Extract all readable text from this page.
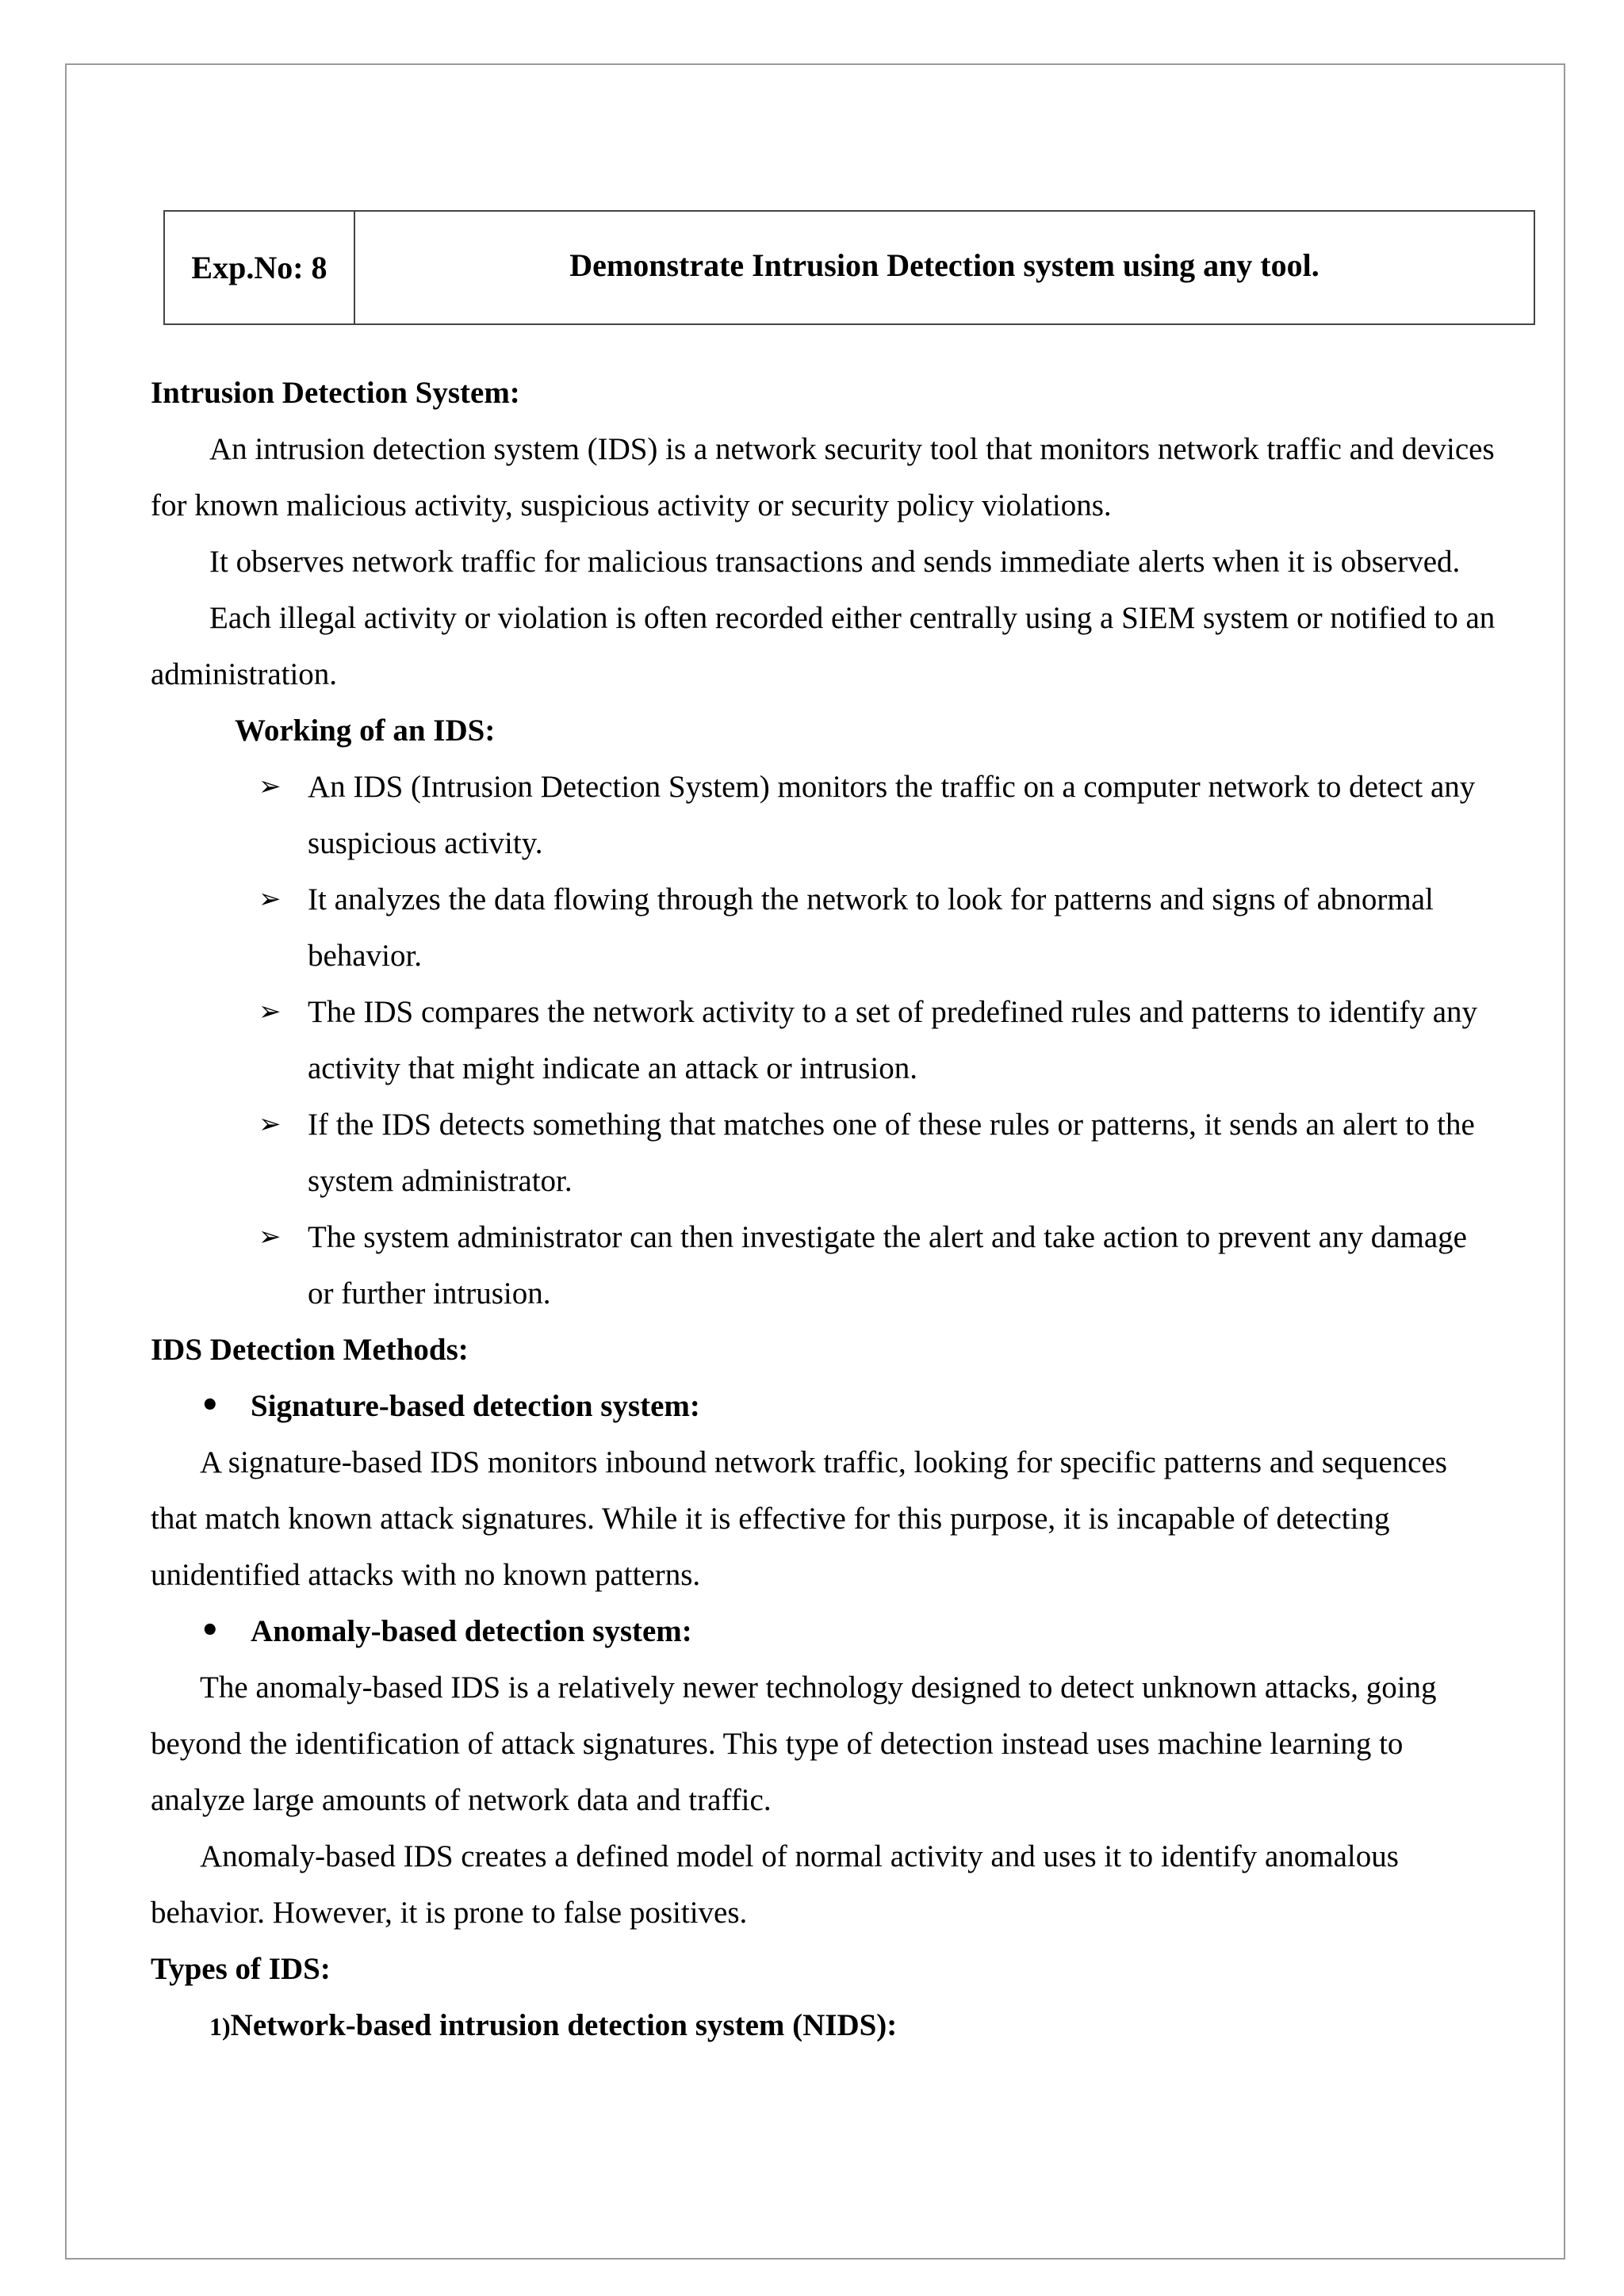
Exp.No: 8	Demonstrate Intrusion Detection system using any tool.

Intrusion Detection System:

An intrusion detection system (IDS) is a network security tool that monitors network traffic and devices for known malicious activity, suspicious activity or security policy violations.

It observes network traffic for malicious transactions and sends immediate alerts when it is observed.

Each illegal activity or violation is often recorded either centrally using a SIEM system or notified to an administration.

Working of an IDS:

➢ An IDS (Intrusion Detection System) monitors the traffic on a computer network to detect any suspicious activity.
➢ It analyzes the data flowing through the network to look for patterns and signs of abnormal behavior.
➢ The IDS compares the network activity to a set of predefined rules and patterns to identify any activity that might indicate an attack or intrusion.
➢ If the IDS detects something that matches one of these rules or patterns, it sends an alert to the system administrator.
➢ The system administrator can then investigate the alert and take action to prevent any damage or further intrusion.

IDS Detection Methods:

• Signature-based detection system:

A signature-based IDS monitors inbound network traffic, looking for specific patterns and sequences that match known attack signatures. While it is effective for this purpose, it is incapable of detecting unidentified attacks with no known patterns.

• Anomaly-based detection system:

The anomaly-based IDS is a relatively newer technology designed to detect unknown attacks, going beyond the identification of attack signatures. This type of detection instead uses machine learning to analyze large amounts of network data and traffic.

Anomaly-based IDS creates a defined model of normal activity and uses it to identify anomalous behavior. However, it is prone to false positives.

Types of IDS:

1)Network-based intrusion detection system (NIDS):
